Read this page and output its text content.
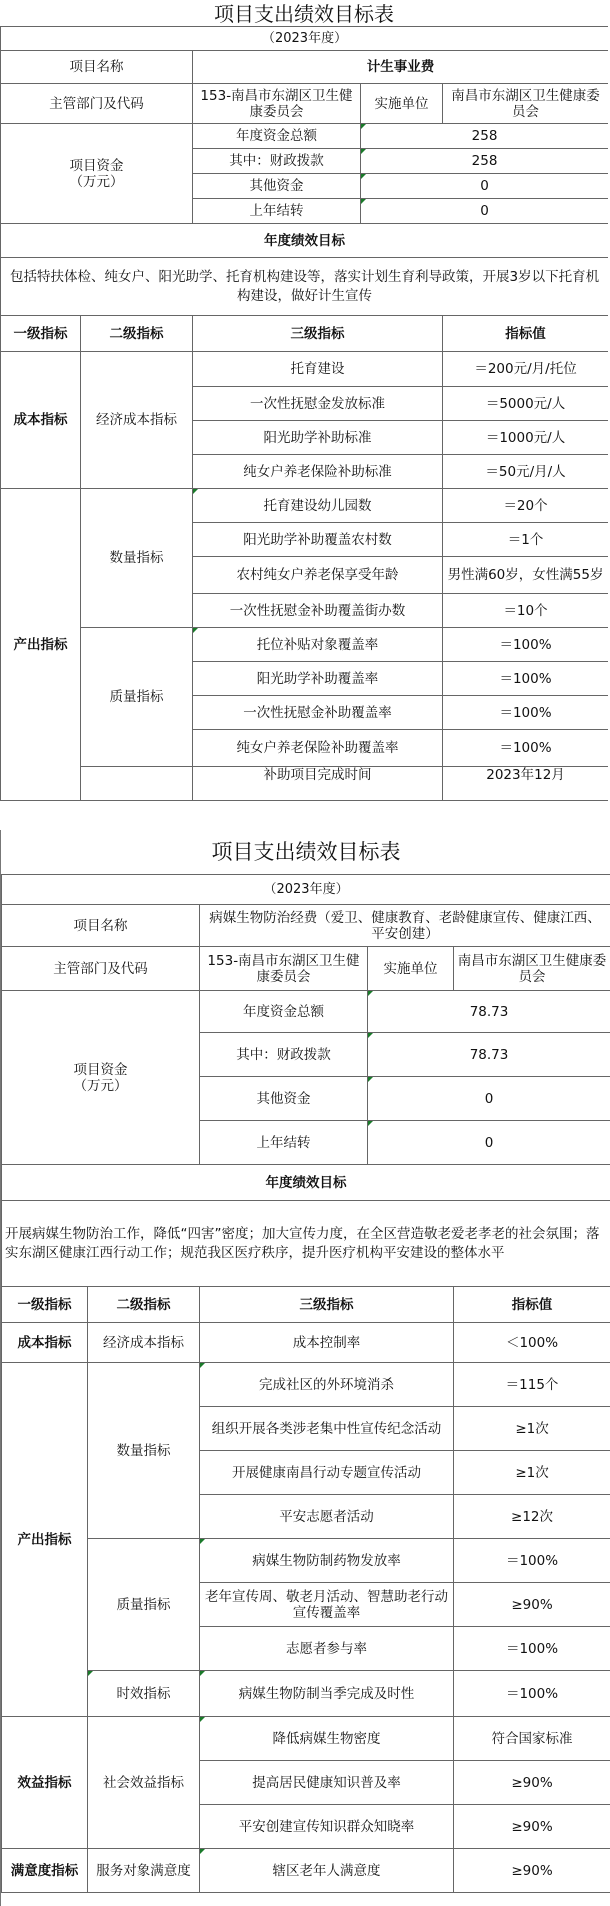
项目支出绩效目标表
（2023年度）				
项目名称		计生事业费		
主管部门及代码		153-南昌市东湖区卫生健康委员会	实施单位	南昌市东湖区卫生健康委员会
项目资金
（万元）		年度资金总额	258	
		其中：财政拨款	258	
		其他资金	0	
		上年结转	0	
年度绩效目标				
包括特扶体检、纯女户、阳光助学、托育机构建设等，落实计划生育利导政策，开展3岁以下托育机构建设，做好计生宣传				
一级指标	二级指标	三级指标		指标值
成本指标	经济成本指标	托育建设		＝200元/月/托位
		一次性抚慰金发放标准		＝5000元/人
		阳光助学补助标准		＝1000元/人
		纯女户养老保险补助标准		＝50元/月/人
产出指标	数量指标	托育建设幼儿园数		＝20个
		阳光助学补助覆盖农村数		＝1个
		农村纯女户养老保享受年龄		男性满60岁，女性满55岁
		一次性抚慰金补助覆盖街办数		＝10个
	质量指标	托位补贴对象覆盖率		＝100%
		阳光助学补助覆盖率		＝100%
		一次性抚慰金补助覆盖率		＝100%
		纯女户养老保险补助覆盖率		＝100%
		补助项目完成时间		2023年12月
项目支出绩效目标表
（2023年度）				
项目名称		病媒生物防治经费（爱卫、健康教育、老龄健康宣传、健康江西、平安创建）		
主管部门及代码		153-南昌市东湖区卫生健康委员会	实施单位	南昌市东湖区卫生健康委员会
项目资金
（万元）		年度资金总额	78.73	
		其中：财政拨款	78.73	
		其他资金	0	
		上年结转	0	
年度绩效目标				
开展病媒生物防治工作，降低“四害”密度；加大宣传力度，在全区营造敬老爱老孝老的社会氛围；落实东湖区健康江西行动工作；规范我区医疗秩序，提升医疗机构平安建设的整体水平				
一级指标	二级指标	三级指标		指标值
成本指标	经济成本指标	成本控制率		＜100%
产出指标	数量指标	完成社区的外环境消杀		＝115个
		组织开展各类涉老集中性宣传纪念活动		≥1次
		开展健康南昌行动专题宣传活动		≥1次
		平安志愿者活动		≥12次
	质量指标	病媒生物防制药物发放率		＝100%
		老年宣传周、敬老月活动、智慧助老行动宣传覆盖率		≥90%
		志愿者参与率		＝100%
	时效指标	病媒生物防制当季完成及时性		＝100%
效益指标	社会效益指标	降低病媒生物密度		符合国家标准
		提高居民健康知识普及率		≥90%
		平安创建宣传知识群众知晓率		≥90%
满意度指标	服务对象满意度	辖区老年人满意度		≥90%
